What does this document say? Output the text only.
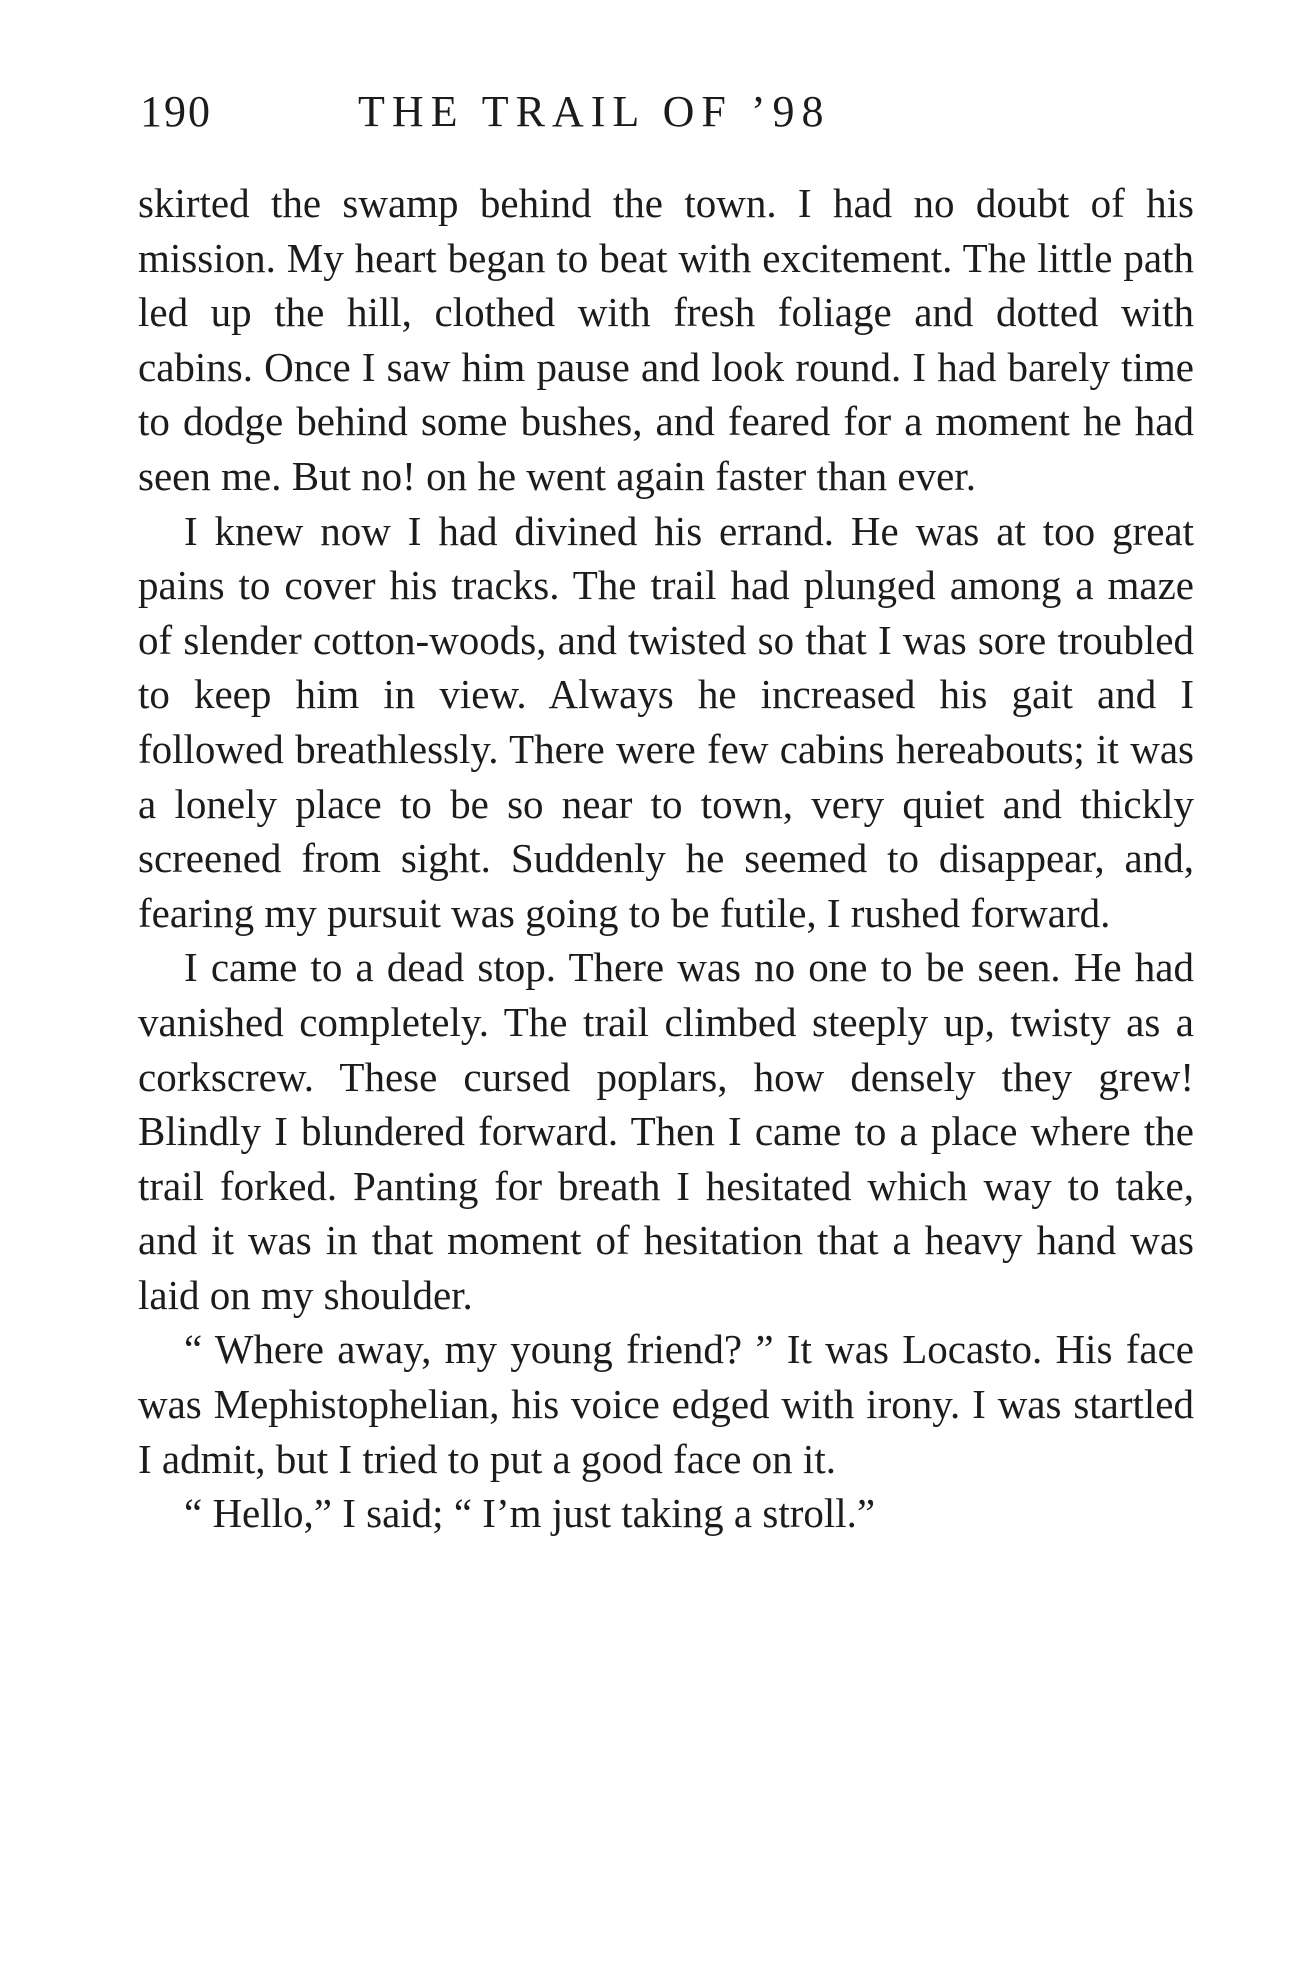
190	THE TRAIL OF ’98

skirted the swamp behind the town. I had no doubt of his mission. My heart began to beat with excitement. The little path led up the hill, clothed with fresh foliage and dotted with cabins. Once I saw him pause and look round. I had barely time to dodge behind some bushes, and feared for a moment he had seen me. But no! on he went again faster than ever.

I knew now I had divined his errand. He was at too great pains to cover his tracks. The trail had plunged among a maze of slender cotton-woods, and twisted so that I was sore troubled to keep him in view. Always he increased his gait and I followed breathlessly. There were few cabins hereabouts; it was a lonely place to be so near to town, very quiet and thickly screened from sight. Suddenly he seemed to disappear, and, fearing my pursuit was going to be futile, I rushed forward.

I came to a dead stop. There was no one to be seen. He had vanished completely. The trail climbed steeply up, twisty as a corkscrew. These cursed poplars, how densely they grew! Blindly I blundered forward. Then I came to a place where the trail forked. Panting for breath I hesitated which way to take, and it was in that moment of hesitation that a heavy hand was laid on my shoulder.

“ Where away, my young friend? ” It was Locasto. His face was Mephistophelian, his voice edged with irony. I was startled I admit, but I tried to put a good face on it.

“ Hello,” I said; “ I’m just taking a stroll.”
